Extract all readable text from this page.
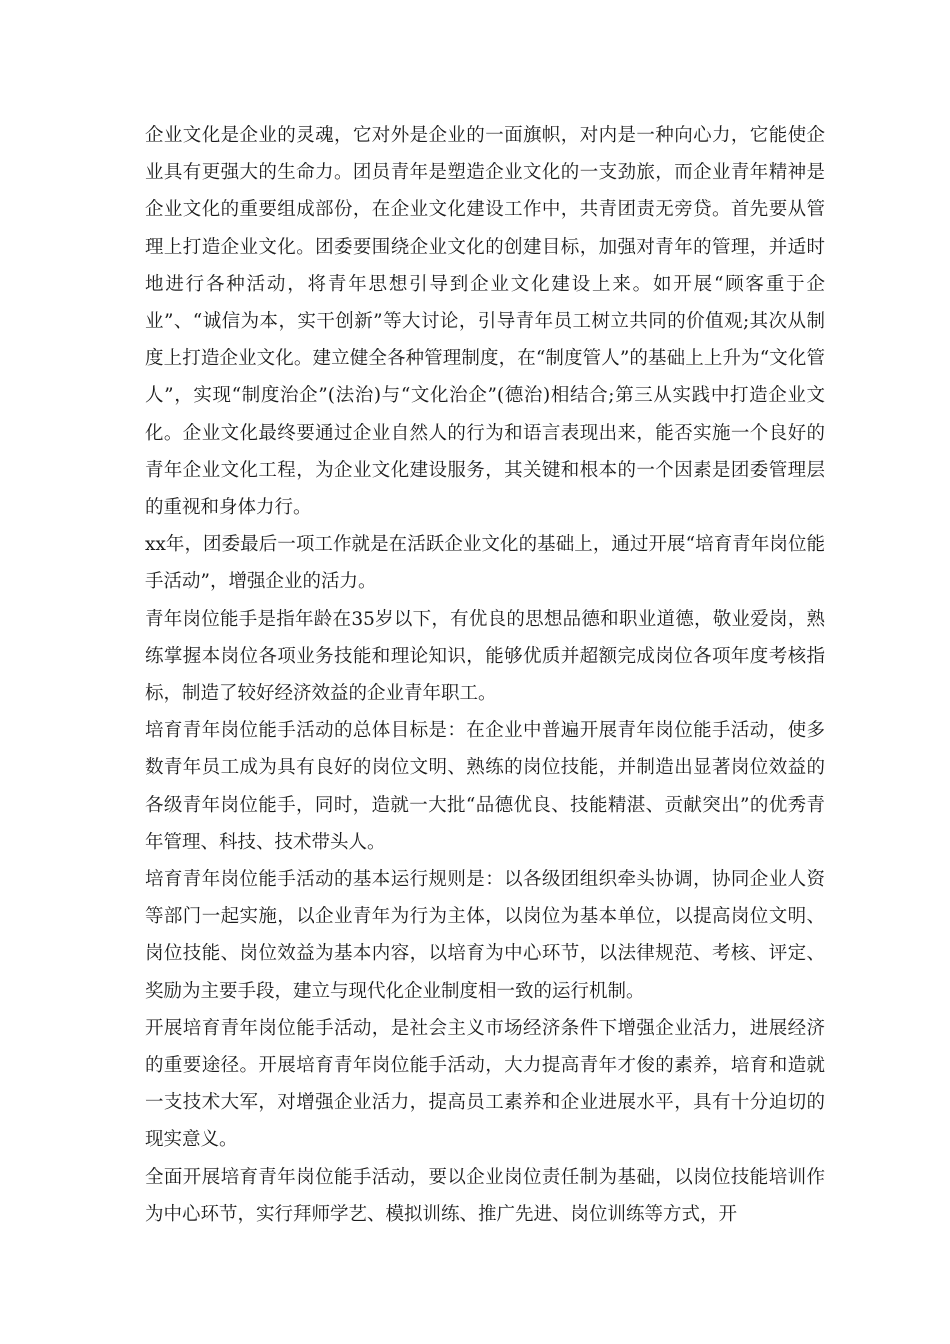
企业文化是企业的灵魂，它对外是企业的一面旗帜，对内是一种向心力，它能使企业具有更强大的生命力。团员青年是塑造企业文化的一支劲旅，而企业青年精神是企业文化的重要组成部份，在企业文化建设工作中，共青团责无旁贷。首先要从管理上打造企业文化。团委要围绕企业文化的创建目标，加强对青年的管理，并适时地进行各种活动，将青年思想引导到企业文化建设上来。如开展“顾客重于企业”、“诚信为本，实干创新”等大讨论，引导青年员工树立共同的价值观;其次从制度上打造企业文化。建立健全各种管理制度，在“制度管人”的基础上上升为“文化管人”，实现“制度治企”(法治)与“文化治企”(德治)相结合;第三从实践中打造企业文化。企业文化最终要通过企业自然人的行为和语言表现出来，能否实施一个良好的青年企业文化工程，为企业文化建设服务，其关键和根本的一个因素是团委管理层的重视和身体力行。

xx年，团委最后一项工作就是在活跃企业文化的基础上，通过开展“培育青年岗位能手活动”，增强企业的活力。

青年岗位能手是指年龄在35岁以下，有优良的思想品德和职业道德，敬业爱岗，熟练掌握本岗位各项业务技能和理论知识，能够优质并超额完成岗位各项年度考核指标，制造了较好经济效益的企业青年职工。

培育青年岗位能手活动的总体目标是：在企业中普遍开展青年岗位能手活动，使多数青年员工成为具有良好的岗位文明、熟练的岗位技能，并制造出显著岗位效益的各级青年岗位能手，同时，造就一大批“品德优良、技能精湛、贡献突出”的优秀青年管理、科技、技术带头人。

培育青年岗位能手活动的基本运行规则是：以各级团组织牵头协调，协同企业人资等部门一起实施，以企业青年为行为主体，以岗位为基本单位，以提高岗位文明、岗位技能、岗位效益为基本内容，以培育为中心环节，以法律规范、考核、评定、奖励为主要手段，建立与现代化企业制度相一致的运行机制。

开展培育青年岗位能手活动，是社会主义市场经济条件下增强企业活力，进展经济的重要途径。开展培育青年岗位能手活动，大力提高青年才俊的素养，培育和造就一支技术大军，对增强企业活力，提高员工素养和企业进展水平，具有十分迫切的现实意义。

全面开展培育青年岗位能手活动，要以企业岗位责任制为基础，以岗位技能培训作为中心环节，实行拜师学艺、模拟训练、推广先进、岗位训练等方式，开
